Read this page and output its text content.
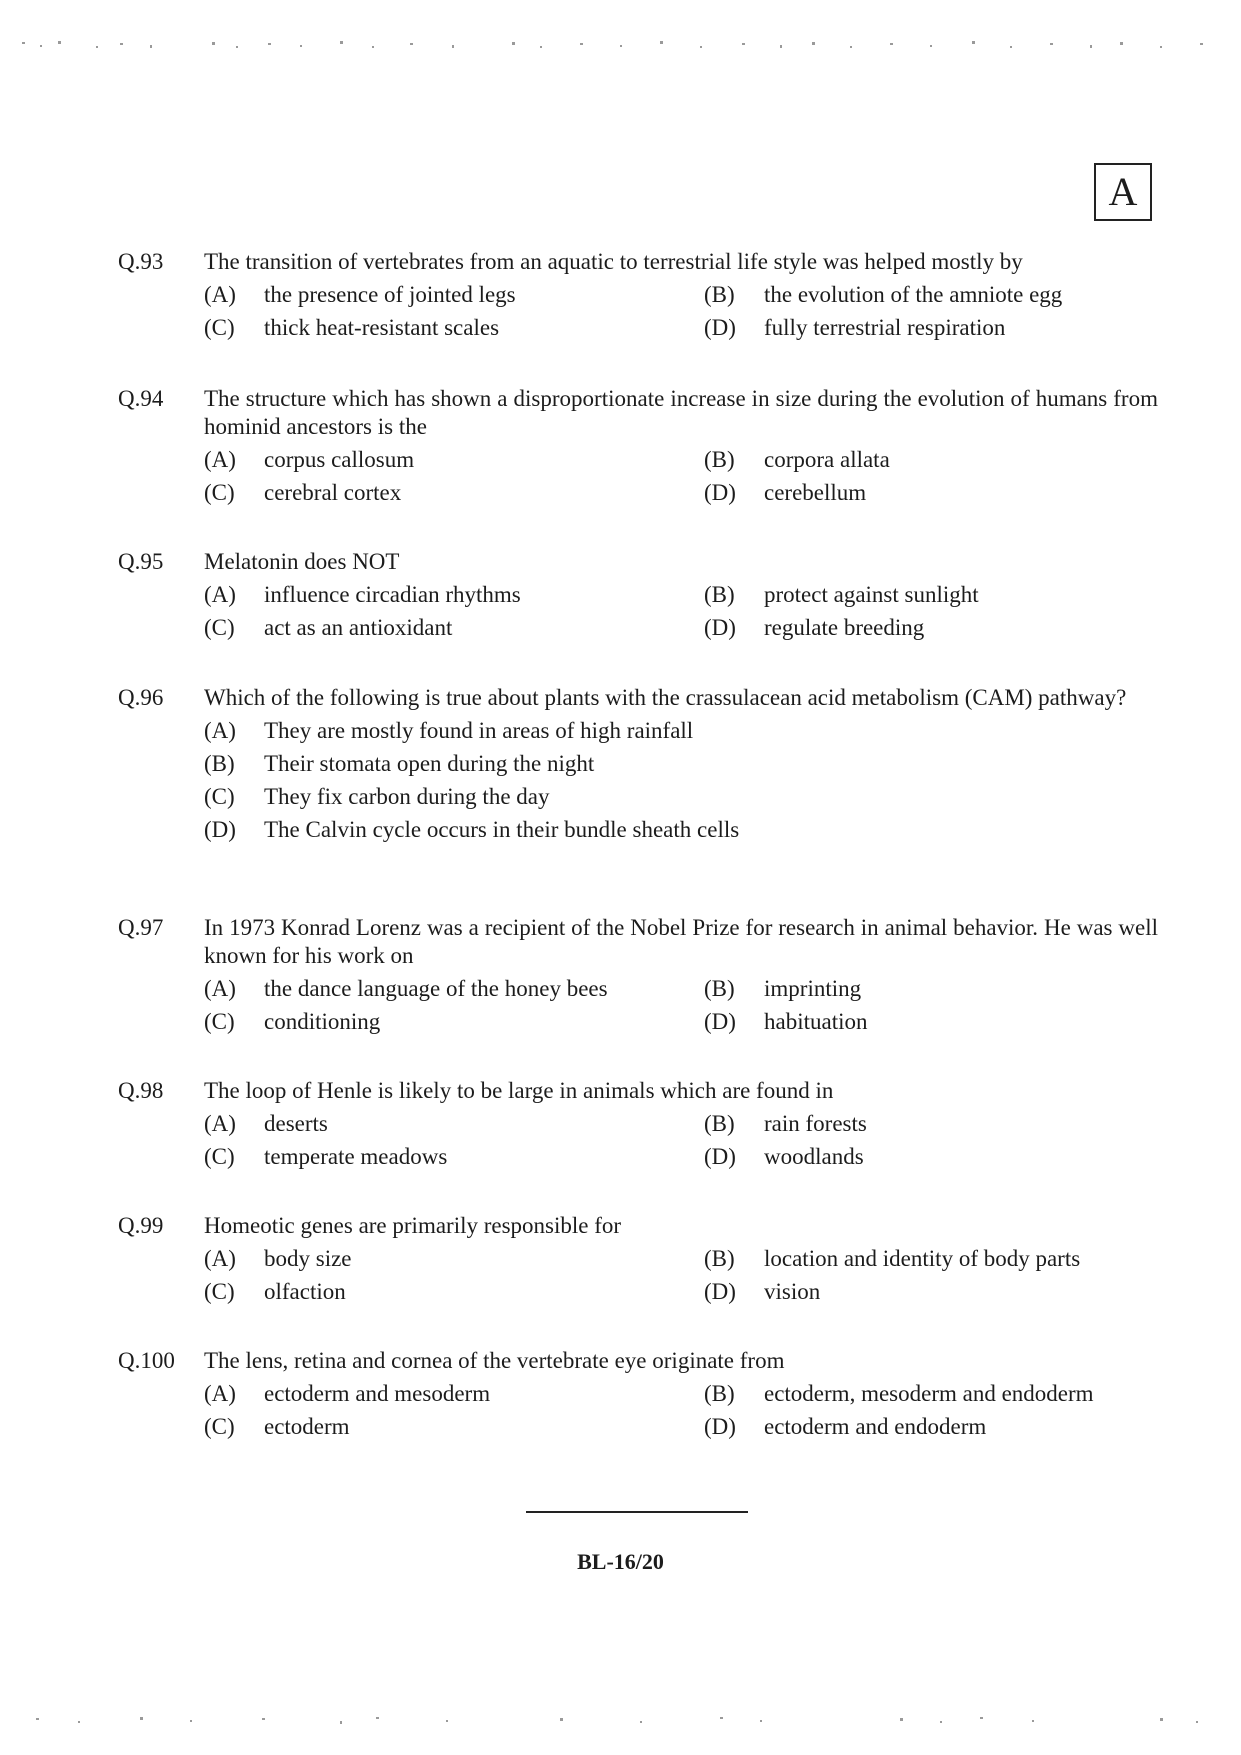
A
Q.93	The transition of vertebrates from an aquatic to terrestrial life style was helped mostly by
(A)	the presence of jointed legs	(B)	the evolution of the amniote egg
(C)	thick heat-resistant scales	(D)	fully terrestrial respiration
Q.94	The structure which has shown a disproportionate increase in size during the evolution of humans from hominid ancestors is the
(A)	corpus callosum	(B)	corpora allata
(C)	cerebral cortex	(D)	cerebellum
Q.95	Melatonin does NOT
(A)	influence circadian rhythms	(B)	protect against sunlight
(C)	act as an antioxidant	(D)	regulate breeding
Q.96	Which of the following is true about plants with the crassulacean acid metabolism (CAM) pathway?
(A)	They are mostly found in areas of high rainfall
(B)	Their stomata open during the night
(C)	They fix carbon during the day
(D)	The Calvin cycle occurs in their bundle sheath cells
Q.97	In 1973 Konrad Lorenz was a recipient of the Nobel Prize for research in animal behavior. He was well known for his work on
(A)	the dance language of the honey bees	(B)	imprinting
(C)	conditioning	(D)	habituation
Q.98	The loop of Henle is likely to be large in animals which are found in
(A)	deserts	(B)	rain forests
(C)	temperate meadows	(D)	woodlands
Q.99	Homeotic genes are primarily responsible for
(A)	body size	(B)	location and identity of body parts
(C)	olfaction	(D)	vision
Q.100	The lens, retina and cornea of the vertebrate eye originate from
(A)	ectoderm and mesoderm	(B)	ectoderm, mesoderm and endoderm
(C)	ectoderm	(D)	ectoderm and endoderm
BL-16/20
